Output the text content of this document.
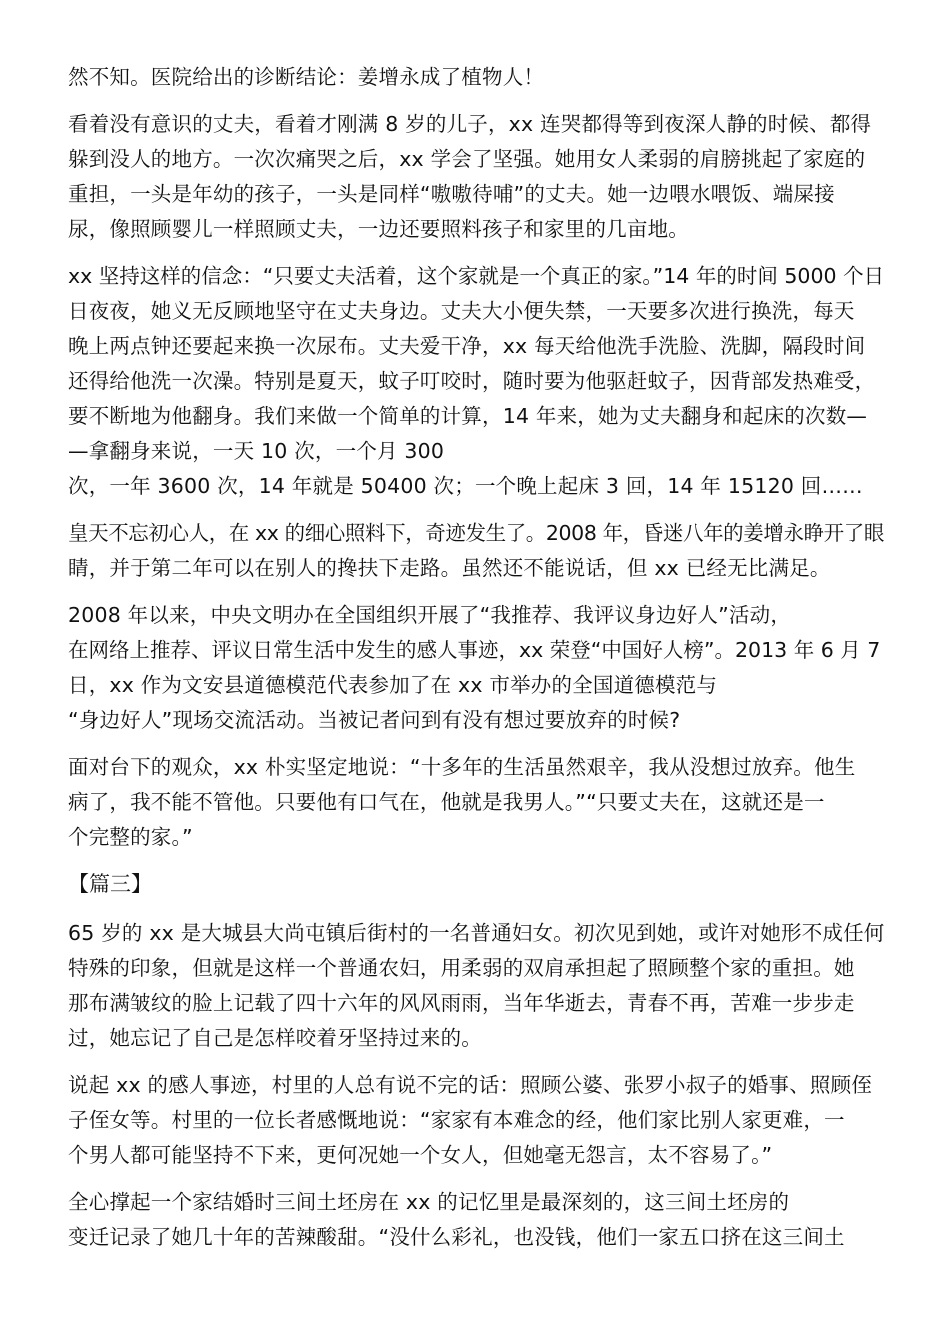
然不知。医院给出的诊断结论：姜增永成了植物人！
看着没有意识的丈夫，看着才刚满 8 岁的儿子，xx 连哭都得等到夜深人静的时候、都得
躲到没人的地方。一次次痛哭之后，xx 学会了坚强。她用女人柔弱的肩膀挑起了家庭的
重担，一头是年幼的孩子，一头是同样“嗷嗷待哺”的丈夫。她一边喂水喂饭、端屎接
尿，像照顾婴儿一样照顾丈夫，一边还要照料孩子和家里的几亩地。
xx 坚持这样的信念：“只要丈夫活着，这个家就是一个真正的家。”14 年的时间 5000 个日
日夜夜，她义无反顾地坚守在丈夫身边。丈夫大小便失禁，一天要多次进行换洗，每天
晚上两点钟还要起来换一次尿布。丈夫爱干净，xx 每天给他洗手洗脸、洗脚，隔段时间
还得给他洗一次澡。特别是夏天，蚊子叮咬时，随时要为他驱赶蚊子，因背部发热难受，
要不断地为他翻身。我们来做一个简单的计算，14 年来，她为丈夫翻身和起床的次数—
—拿翻身来说，一天 10 次，一个月 300
次，一年 3600 次，14 年就是 50400 次；一个晚上起床 3 回，14 年 15120 回……
皇天不忘初心人，在 xx 的细心照料下，奇迹发生了。2008 年，昏迷八年的姜增永睁开了眼
睛，并于第二年可以在别人的搀扶下走路。虽然还不能说话，但 xx 已经无比满足。
2008 年以来，中央文明办在全国组织开展了“我推荐、我评议身边好人”活动，
在网络上推荐、评议日常生活中发生的感人事迹，xx 荣登“中国好人榜”。2013 年 6 月 7
日，xx 作为文安县道德模范代表参加了在 xx 市举办的全国道德模范与
“身边好人”现场交流活动。当被记者问到有没有想过要放弃的时候?
面对台下的观众，xx 朴实坚定地说：“十多年的生活虽然艰辛，我从没想过放弃。他生
病了，我不能不管他。只要他有口气在，他就是我男人。”“只要丈夫在，这就还是一
个完整的家。”
【篇三】
65 岁的 xx 是大城县大尚屯镇后街村的一名普通妇女。初次见到她，或许对她形不成任何
特殊的印象，但就是这样一个普通农妇，用柔弱的双肩承担起了照顾整个家的重担。她
那布满皱纹的脸上记载了四十六年的风风雨雨，当年华逝去，青春不再，苦难一步步走
过，她忘记了自己是怎样咬着牙坚持过来的。
说起 xx 的感人事迹，村里的人总有说不完的话：照顾公婆、张罗小叔子的婚事、照顾侄
子侄女等。村里的一位长者感慨地说：“家家有本难念的经，他们家比别人家更难，一
个男人都可能坚持不下来，更何况她一个女人，但她毫无怨言，太不容易了。”
全心撑起一个家结婚时三间土坯房在 xx 的记忆里是最深刻的，这三间土坯房的
变迁记录了她几十年的苦辣酸甜。“没什么彩礼，也没钱，他们一家五口挤在这三间土
